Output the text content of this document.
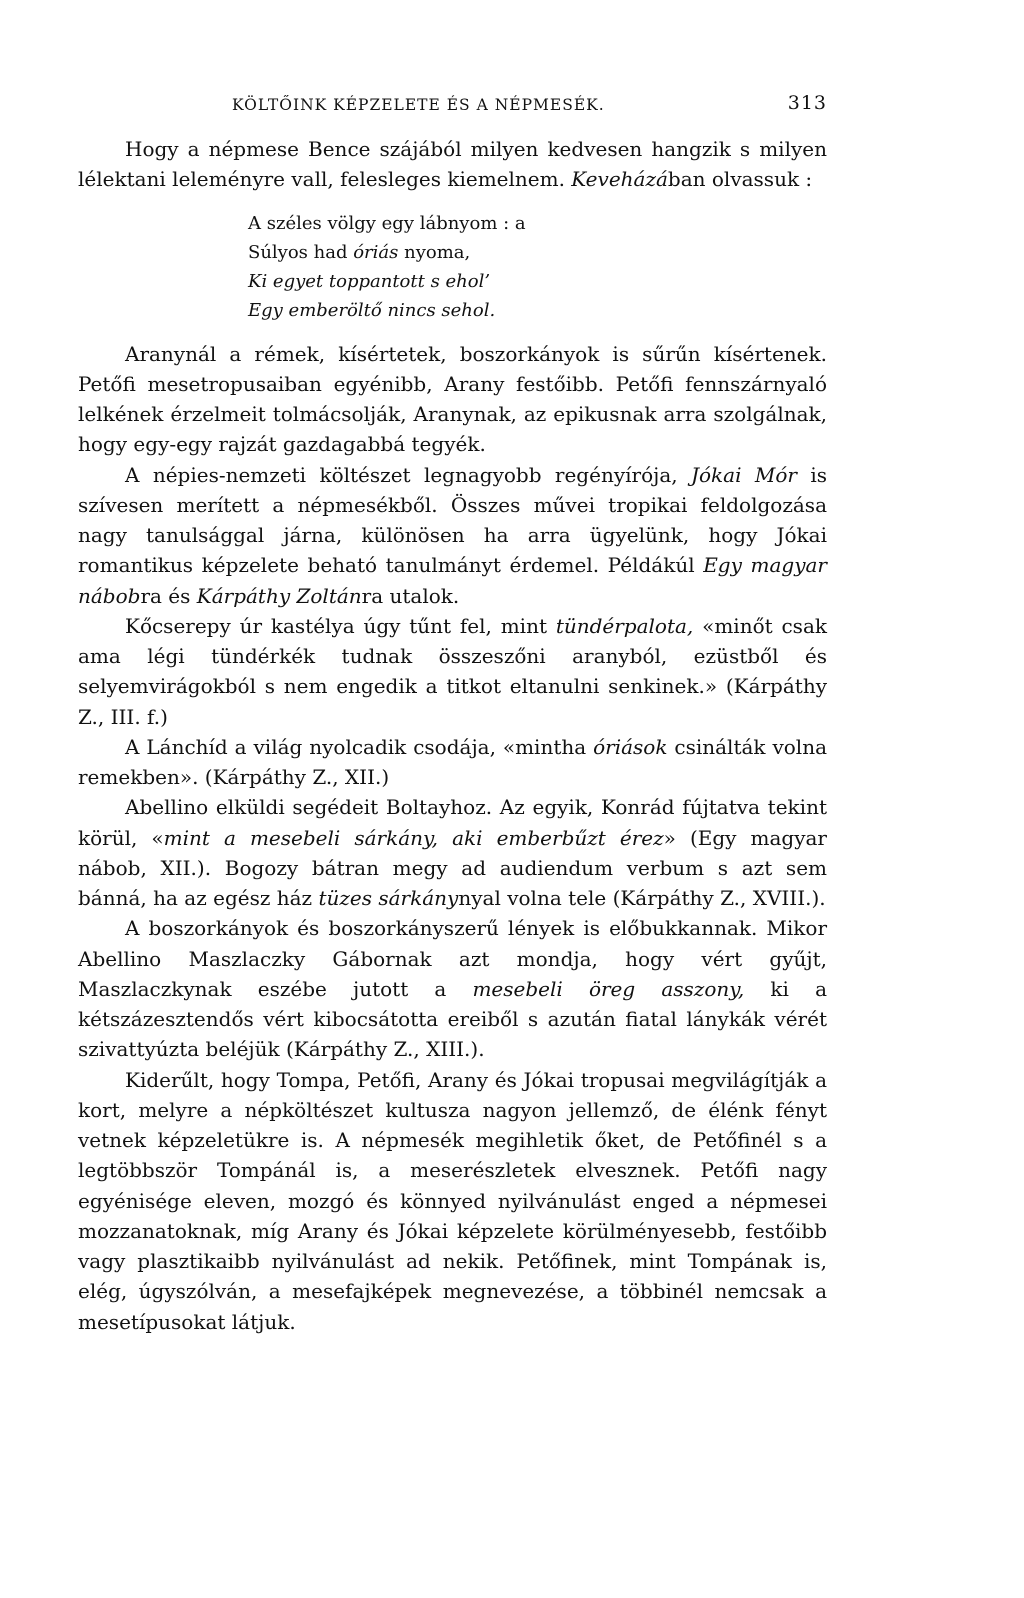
KÖLTŐINK KÉPZELETE ÉS A NÉPMESÉK.	313

Hogy a népmese Bence szájából milyen kedvesen hangzik s milyen lélektani leleményre vall, felesleges kiemelnem. Keveházában olvassuk :

A széles völgy egy lábnyom : a
Súlyos had óriás nyoma,
Ki egyet toppantott s ehol’
Egy emberöltő nincs sehol.

Aranynál a rémek, kísértetek, boszorkányok is sűrűn kísértenek. Petőfi mesetropusaiban egyénibb, Arany festőibb. Petőfi fennszárnyaló lelkének érzelmeit tolmácsolják, Aranynak, az epikusnak arra szolgálnak, hogy egy-egy rajzát gazdagabbá tegyék.

A népies-nemzeti költészet legnagyobb regényírója, Jókai Mór is szívesen merített a népmesékből. Összes művei tropikai feldolgozása nagy tanulsággal járna, különösen ha arra ügyelünk, hogy Jókai romantikus képzelete beható tanulmányt érdemel. Példákúl Egy magyar nábobra és Kárpáthy Zoltánra utalok.

Kőcserepy úr kastélya úgy tűnt fel, mint tündérpalota, «minőt csak ama légi tündérkék tudnak összeszőni aranyból, ezüstből és selyemvirágokból s nem engedik a titkot eltanulni senkinek.» (Kárpáthy Z., III. f.)

A Lánchíd a világ nyolcadik csodája, «mintha óriások csinálták volna remekben». (Kárpáthy Z., XII.)

Abellino elküldi segédeit Boltayhoz. Az egyik, Konrád fújtatva tekint körül, «mint a mesebeli sárkány, aki emberbűzt érez» (Egy magyar nábob, XII.). Bogozy bátran megy ad audiendum verbum s azt sem bánná, ha az egész ház tüzes sárkánynyal volna tele (Kárpáthy Z., XVIII.).

A boszorkányok és boszorkányszerű lények is előbukkannak. Mikor Abellino Maszlaczky Gábornak azt mondja, hogy vért gyűjt, Maszlaczkynak eszébe jutott a mesebeli öreg asszony, ki a kétszázesztendős vért kibocsátotta ereiből s azután fiatal lánykák vérét szivattyúzta beléjük (Kárpáthy Z., XIII.).

Kiderűlt, hogy Tompa, Petőfi, Arany és Jókai tropusai megvilágítják a kort, melyre a népköltészet kultusza nagyon jellemző, de élénk fényt vetnek képzeletükre is. A népmesék megihletik őket, de Petőfinél s a legtöbbször Tompánál is, a meserészletek elvesznek. Petőfi nagy egyénisége eleven, mozgó és könnyed nyilvánulást enged a népmesei mozzanatoknak, míg Arany és Jókai képzelete körülményesebb, festőibb vagy plasztikaibb nyilvánulást ad nekik. Petőfinek, mint Tompának is, elég, úgyszólván, a mesefajképek megnevezése, a többinél nemcsak a mesetípusokat látjuk.
